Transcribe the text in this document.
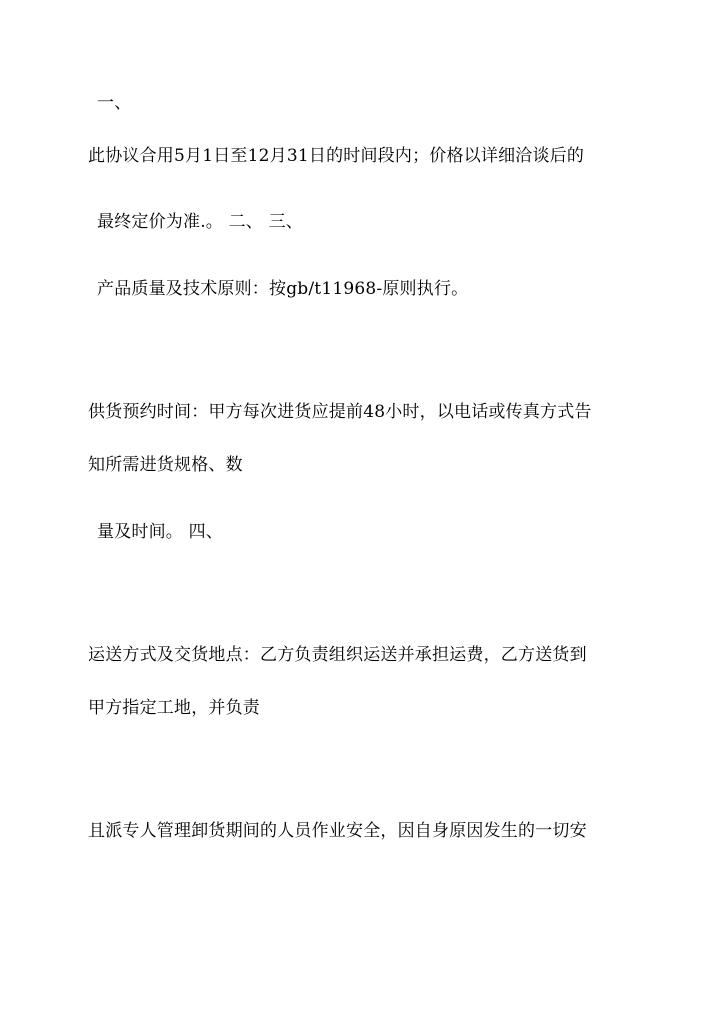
一、
此协议合用5月1日至12月31日的时间段内；价格以详细洽谈后的
最终定价为准.。 二、 三、
产品质量及技术原则：按gb/t11968-原则执行。
供货预约时间：甲方每次进货应提前48小时，以电话或传真方式告
知所需进货规格、数
量及时间。 四、
运送方式及交货地点：乙方负责组织运送并承担运费，乙方送货到
甲方指定工地，并负责
且派专人管理卸货期间的人员作业安全，因自身原因发生的一切安
